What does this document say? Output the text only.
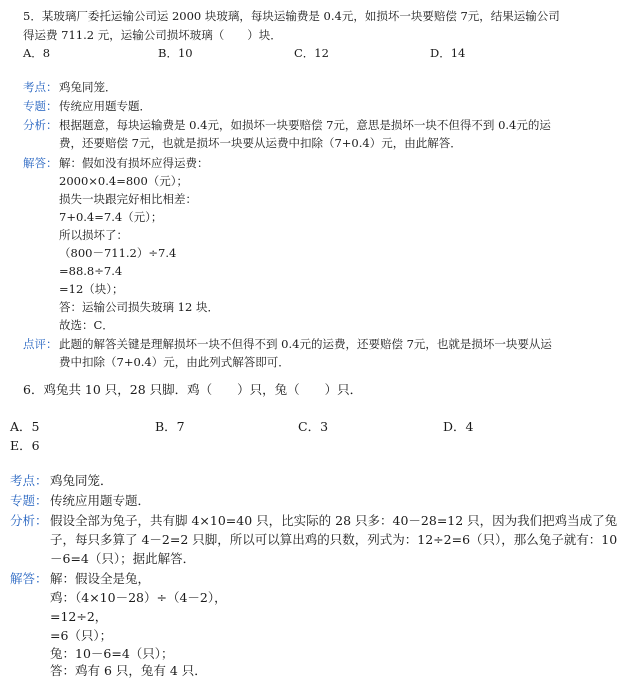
5．某玻璃厂委托运输公司运 2000 块玻璃，每块运输费是 0.4元，如损坏一块要赔偿 7元，结果运输公司
得运费 711.2 元，运输公司损坏玻璃（　　）块．
A．8	B．10	C．12	D．14
考点： 鸡兔同笼．
专题： 传统应用题专题．
分析： 根据题意，每块运输费是 0.4元，如损坏一块要赔偿 7元，意思是损坏一块不但得不到 0.4元的运
费，还要赔偿 7元，也就是损坏一块要从运费中扣除（7+0.4）元，由此解答．
解答： 解：假如没有损坏应得运费：
2000×0.4=800（元）；
损失一块跟完好相比相差：
7+0.4=7.4（元）；
所以损坏了：
（800－711.2）÷7.4
=88.8÷7.4
=12（块）；
答：运输公司损失玻璃 12 块．
故选：C．
点评： 此题的解答关键是理解损坏一块不但得不到 0.4元的运费，还要赔偿 7元，也就是损坏一块要从运
费中扣除（7+0.4）元，由此列式解答即可．
6．鸡兔共 10 只，28 只脚．鸡（　　）只，兔（　　）只．
A．5	B．7	C．3	D．4
E．6
考点： 鸡兔同笼．
专题： 传统应用题专题．
分析： 假设全部为兔子，共有脚 4×10=40 只，比实际的 28 只多：40－28=12 只，因为我们把鸡当成了兔
子，每只多算了 4－2=2 只脚，所以可以算出鸡的只数，列式为：12÷2=6（只），那么兔子就有：10
－6=4（只）；据此解答．
解答： 解：假设全是兔，
鸡：（4×10－28）÷（4－2），
=12÷2，
=6（只）；
兔：10－6=4（只）；
答：鸡有 6 只，兔有 4 只．
